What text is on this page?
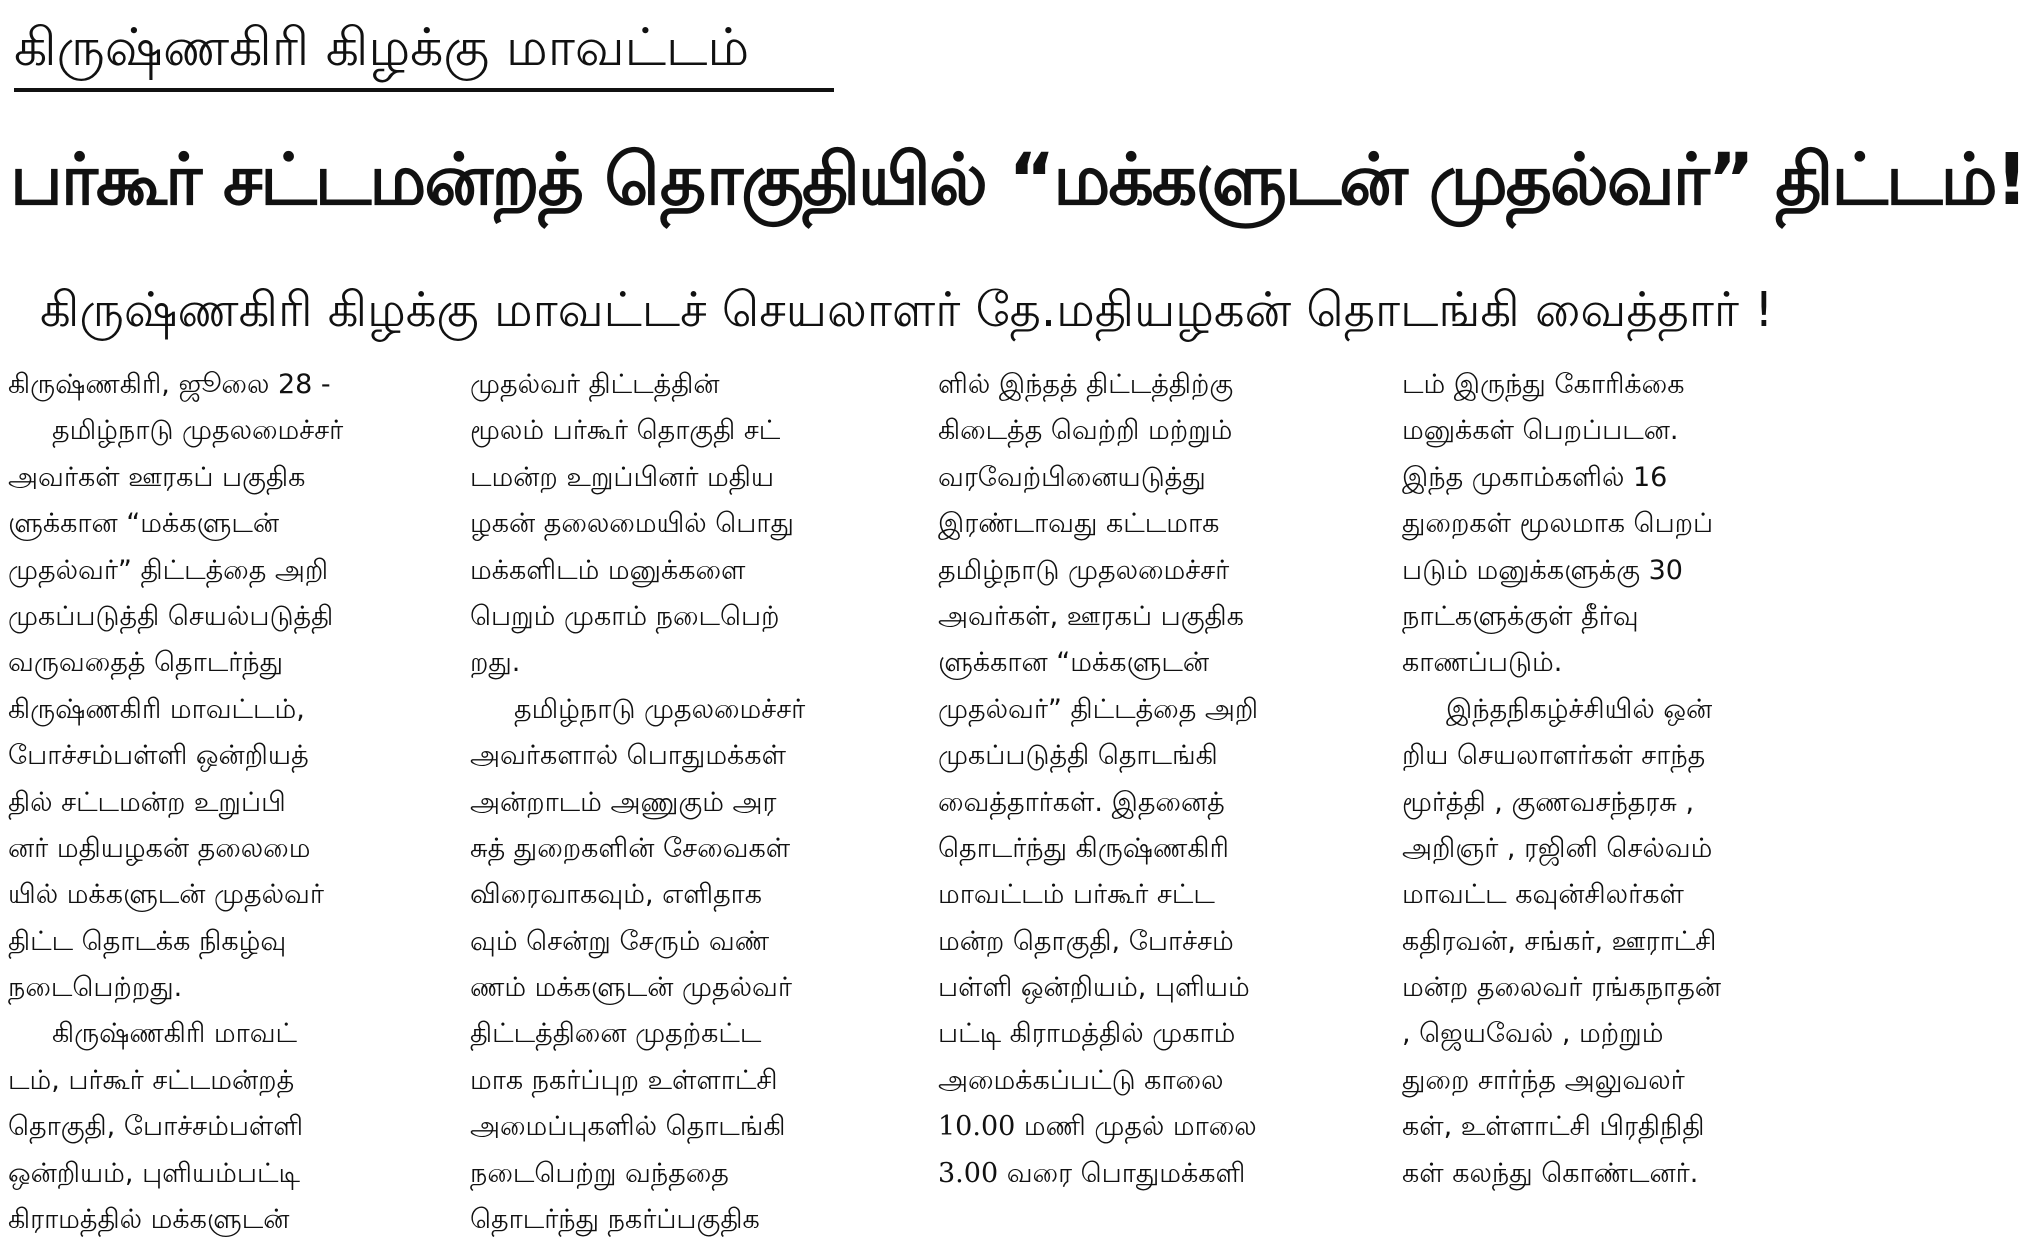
கிருஷ்ணகிரி கிழக்கு மாவட்டம்
பர்கூர் சட்டமன்றத் தொகுதியில் “மக்களுடன் முதல்வர்” திட்டம்!
கிருஷ்ணகிரி கிழக்கு மாவட்டச் செயலாளர் தே.மதியழகன் தொடங்கி வைத்தார் !
கிருஷ்ணகிரி, ஜூலை 28 -
தமிழ்நாடு முதலமைச்சர்
அவர்கள் ஊரகப் பகுதிக
ளுக்கான “மக்களுடன்
முதல்வர்” திட்டத்தை அறி
முகப்படுத்தி செயல்படுத்தி
வருவதைத் தொடர்ந்து
கிருஷ்ணகிரி மாவட்டம்,
போச்சம்பள்ளி ஒன்றியத்
தில் சட்டமன்ற உறுப்பி
னர் மதியழகன் தலைமை
யில் மக்களுடன் முதல்வர்
திட்ட தொடக்க நிகழ்வு
நடைபெற்றது.
கிருஷ்ணகிரி மாவட்
டம், பர்கூர் சட்டமன்றத்
தொகுதி, போச்சம்பள்ளி
ஒன்றியம், புளியம்பட்டி
கிராமத்தில் மக்களுடன்
முதல்வர் திட்டத்தின்
மூலம் பர்கூர் தொகுதி சட்
டமன்ற உறுப்பினர் மதிய
ழகன் தலைமையில் பொது
மக்களிடம் மனுக்களை
பெறும் முகாம் நடைபெற்
றது.
தமிழ்நாடு முதலமைச்சர்
அவர்களால் பொதுமக்கள்
அன்றாடம் அணுகும் அர
சுத் துறைகளின் சேவைகள்
விரைவாகவும், எளிதாக
வும் சென்று சேரும் வண்
ணம் மக்களுடன் முதல்வர்
திட்டத்தினை முதற்கட்ட
மாக நகர்ப்புற உள்ளாட்சி
அமைப்புகளில் தொடங்கி
நடைபெற்று வந்ததை
தொடர்ந்து நகர்ப்பகுதிக
ளில் இந்தத் திட்டத்திற்கு
கிடைத்த வெற்றி மற்றும்
வரவேற்பினையடுத்து
இரண்டாவது கட்டமாக
தமிழ்நாடு முதலமைச்சர்
அவர்கள், ஊரகப் பகுதிக
ளுக்கான “மக்களுடன்
முதல்வர்” திட்டத்தை அறி
முகப்படுத்தி தொடங்கி
வைத்தார்கள். இதனைத்
தொடர்ந்து கிருஷ்ணகிரி
மாவட்டம் பர்கூர் சட்ட
மன்ற தொகுதி, போச்சம்
பள்ளி ஒன்றியம், புளியம்
பட்டி கிராமத்தில் முகாம்
அமைக்கப்பட்டு காலை
10.00 மணி முதல் மாலை
3.00 வரை பொதுமக்களி
டம் இருந்து கோரிக்கை
மனுக்கள் பெறப்படன.
இந்த முகாம்களில் 16
துறைகள் மூலமாக பெறப்
படும் மனுக்களுக்கு 30
நாட்களுக்குள் தீர்வு
காணப்படும்.
இந்தநிகழ்ச்சியில் ஒன்
றிய செயலாளர்கள் சாந்த
மூர்த்தி , குணவசந்தரசு ,
அறிஞர் , ரஜினி செல்வம்
மாவட்ட கவுன்சிலர்கள்
கதிரவன், சங்கர், ஊராட்சி
மன்ற தலைவர் ரங்கநாதன்
, ஜெயவேல் , மற்றும்
துறை சார்ந்த அலுவலர்
கள், உள்ளாட்சி பிரதிநிதி
கள் கலந்து கொண்டனர்.
